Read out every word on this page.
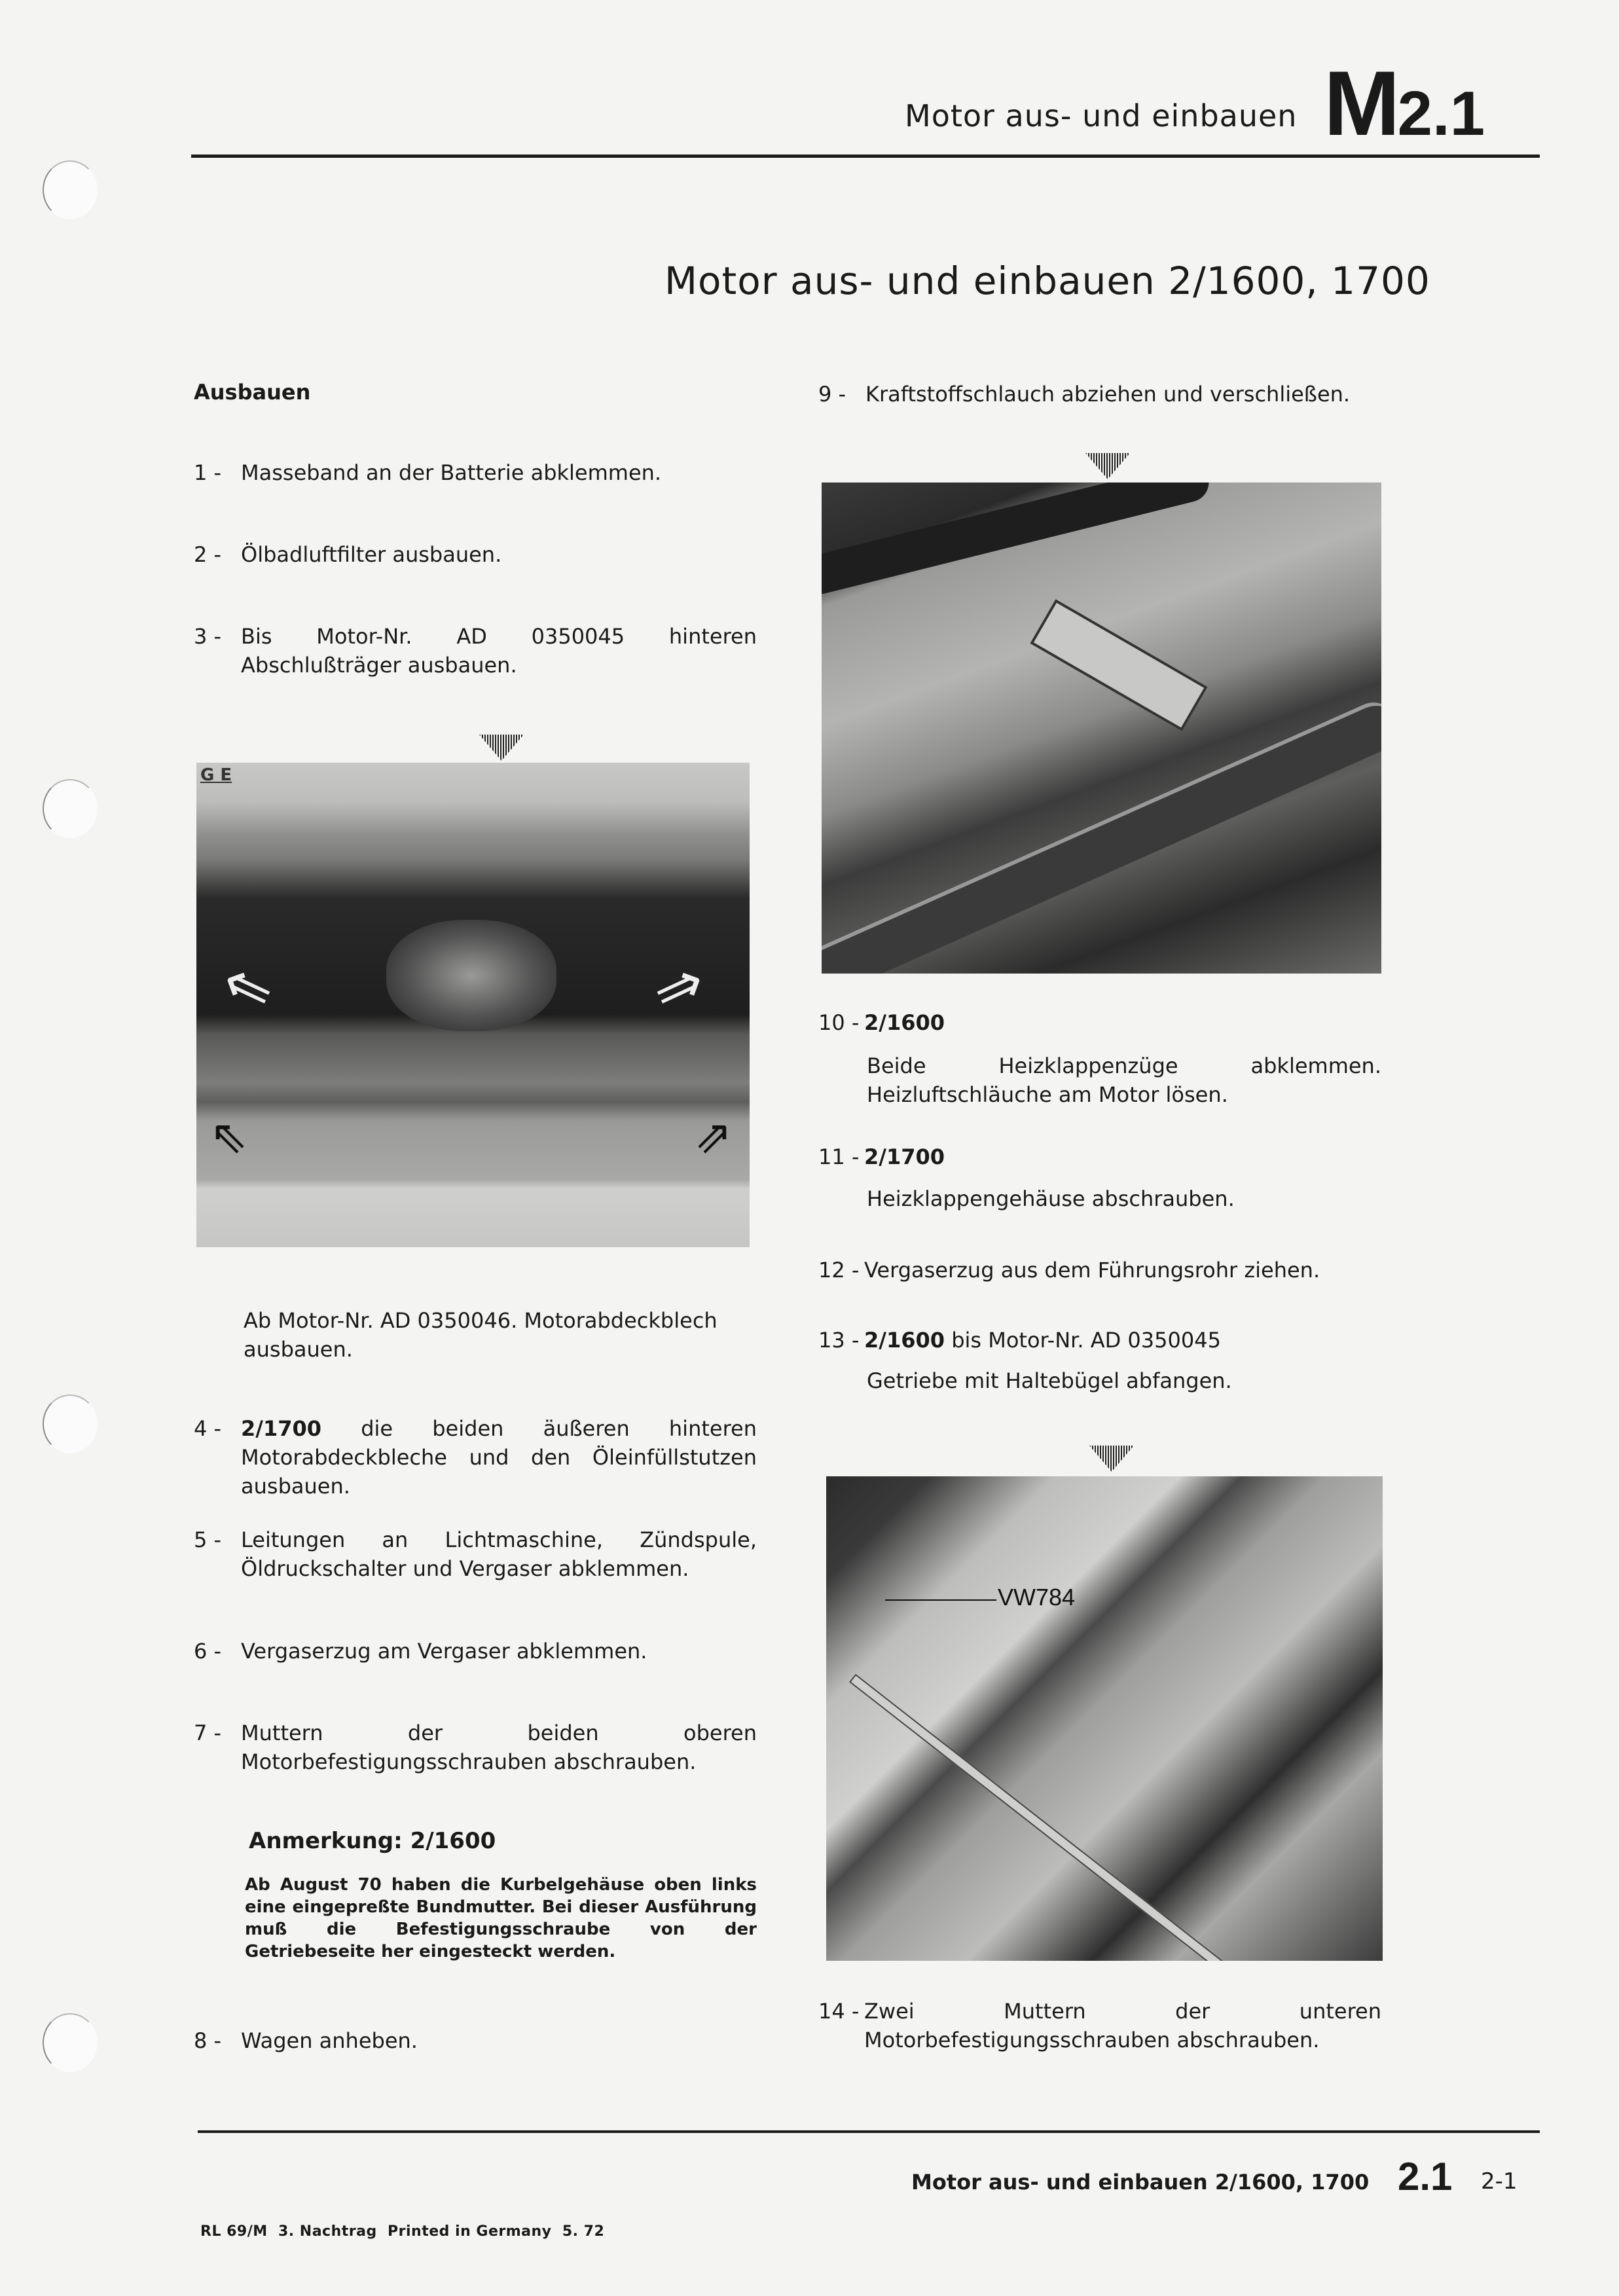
Motor aus- und einbauen M2.1
Motor aus- und einbauen 2/1600, 1700
Ausbauen
1 - Masseband an der Batterie abklemmen.
2 - Ölbadluftfilter ausbauen.
3 - Bis Motor-Nr. AD 0350045 hinteren Abschlußträger ausbauen.
G E
⇖	⇗
⇖	⇗
Ab Motor-Nr. AD 0350046. Motorabdeckblech ausbauen.
4 - 2/1700 die beiden äußeren hinteren Motorabdeckbleche und den Öleinfüllstutzen ausbauen.
5 - Leitungen an Lichtmaschine, Zündspule, Öldruckschalter und Vergaser abklemmen.
6 - Vergaserzug am Vergaser abklemmen.
7 - Muttern der beiden oberen Motorbefestigungsschrauben abschrauben.
Anmerkung: 2/1600
Ab August 70 haben die Kurbelgehäuse oben links eine eingepreßte Bundmutter. Bei dieser Ausführung muß die Befestigungsschraube von der Getriebeseite her eingesteckt werden.
8 - Wagen anheben.
9 - Kraftstoffschlauch abziehen und verschließen.
10 - 2/1600
Beide Heizklappenzüge abklemmen. Heizluftschläuche am Motor lösen.
11 - 2/1700
Heizklappengehäuse abschrauben.
12 - Vergaserzug aus dem Führungsrohr ziehen.
13 - 2/1600 bis Motor-Nr. AD 0350045
Getriebe mit Haltebügel abfangen.
VW784
14 - Zwei Muttern der unteren Motorbefestigungsschrauben abschrauben.
Motor aus- und einbauen 2/1600, 1700 2.1 2-1
RL 69/M  3. Nachtrag  Printed in Germany  5. 72
